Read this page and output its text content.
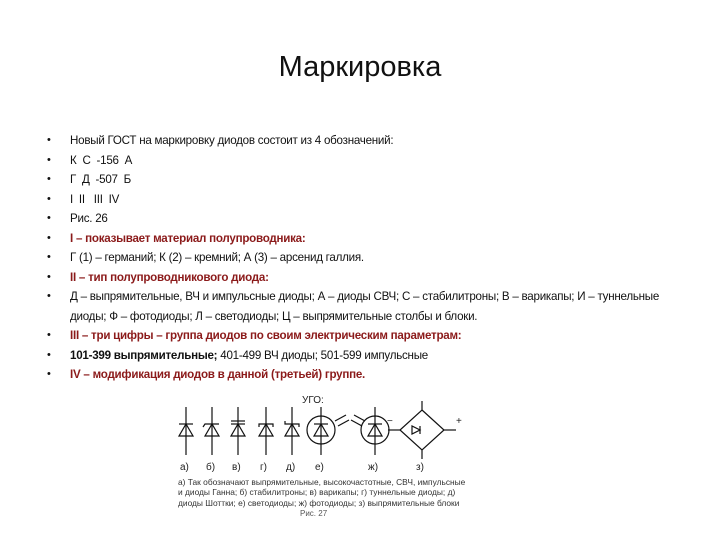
Маркировка
• Новый ГОСТ на маркировку диодов состоит из 4 обозначений:
• К  С  -156  А
• Г  Д  -507  Б
• I  II   III  IV
• Рис. 26
• I – показывает материал полупроводника:
• Г (1) – германий; К (2) – кремний; А (3) – арсенид галлия.
• II – тип полупроводникового диода:
• Д – выпрямительные, ВЧ и импульсные диоды; А – диоды СВЧ; С – стабилитроны; В – варикапы; И – туннельные диоды; Ф – фотодиоды; Л – светодиоды; Ц – выпрямительные столбы и блоки.
• III – три цифры – группа диодов по своим электрическим параметрам:
• 101-399 выпрямительные; 401-499 ВЧ диоды; 501-599 импульсные
• IV – модификация диодов в данной (третьей) группе.
УГО:
−	+
а) б) в) г) д) е)	ж)	з)
а) Так обозначают выпрямительные, высокочастотные, СВЧ, импульсные и диоды Ганна; б) стабилитроны; в) варикапы; г) туннельные диоды; д) диоды Шоттки; е) светодиоды; ж) фотодиоды; з) выпрямительные блоки
Рис. 27
